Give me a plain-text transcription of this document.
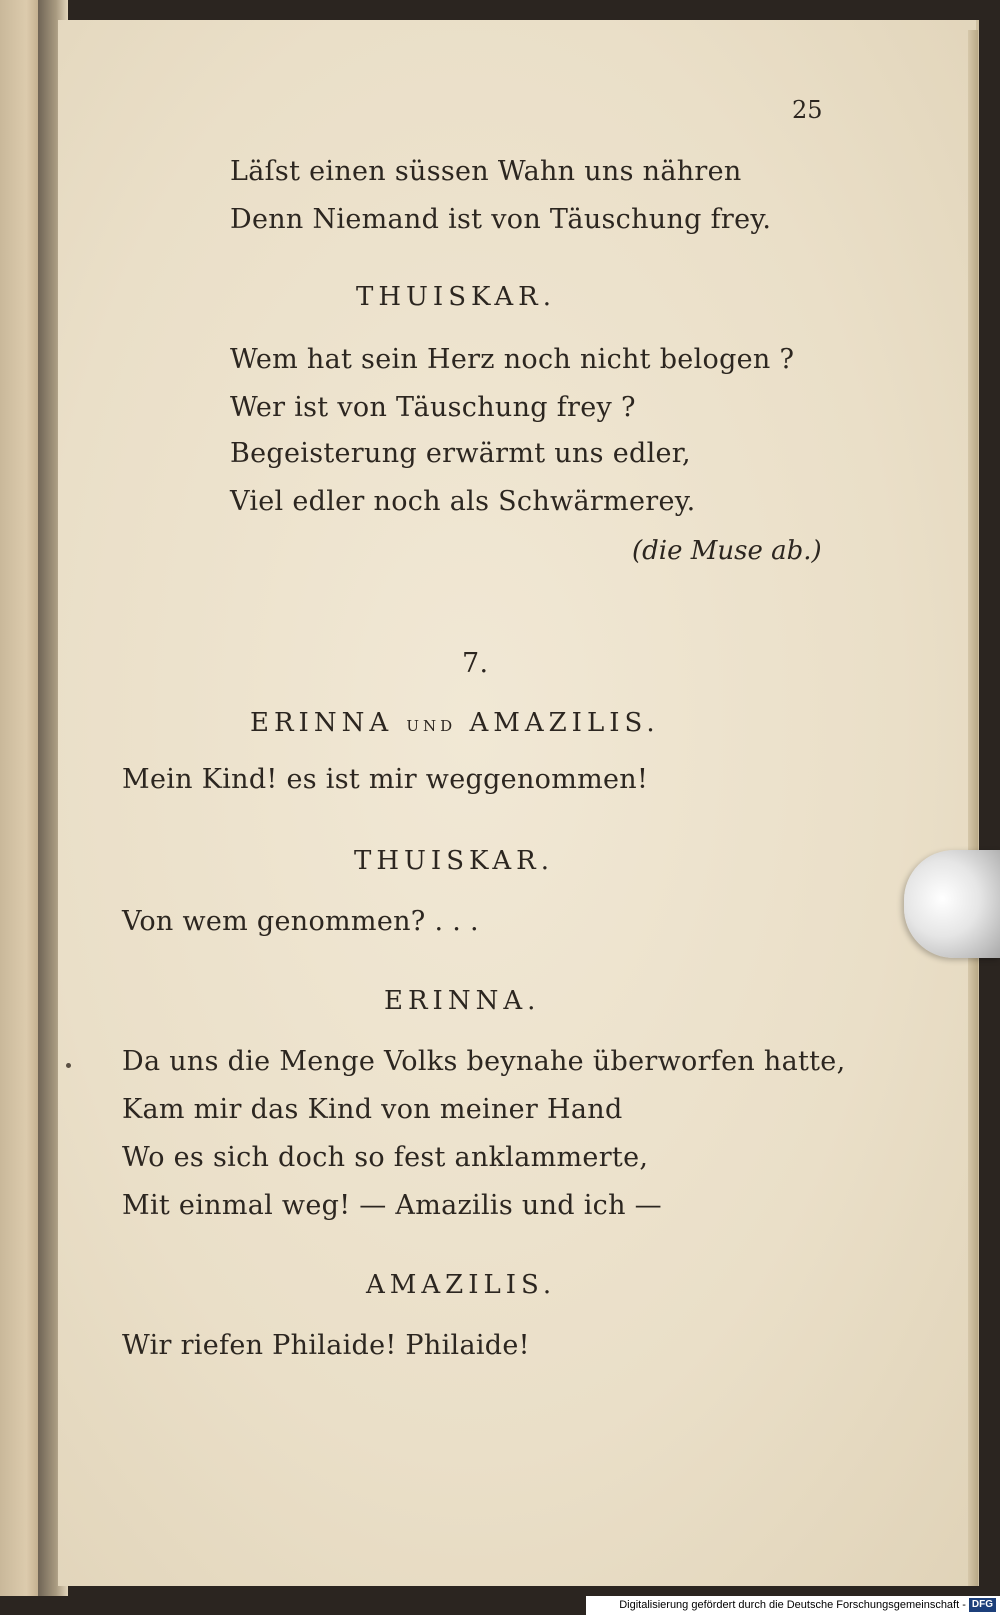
25
Läſst einen süssen Wahn uns nähren
Denn Niemand ist von Täuschung frey.
THUISKAR.
Wem hat sein Herz noch nicht belogen ?
Wer ist von Täuschung frey ?
Begeisterung erwärmt uns edler,
Viel edler noch als Schwärmerey.
(die Muse ab.)
7.
ERINNA UND AMAZILIS.
Mein Kind! es ist mir weggenommen!
THUISKAR.
Von wem genommen? . . .
ERINNA.
Da uns die Menge Volks beynahe überworfen hatte,
Kam mir das Kind von meiner Hand
Wo es sich doch so fest anklammerte,
Mit einmal weg! — Amazilis und ich —
AMAZILIS.
Wir riefen Philaide! Philaide!
Digitalisierung gefördert durch die Deutsche Forschungsgemeinschaft - DFG
